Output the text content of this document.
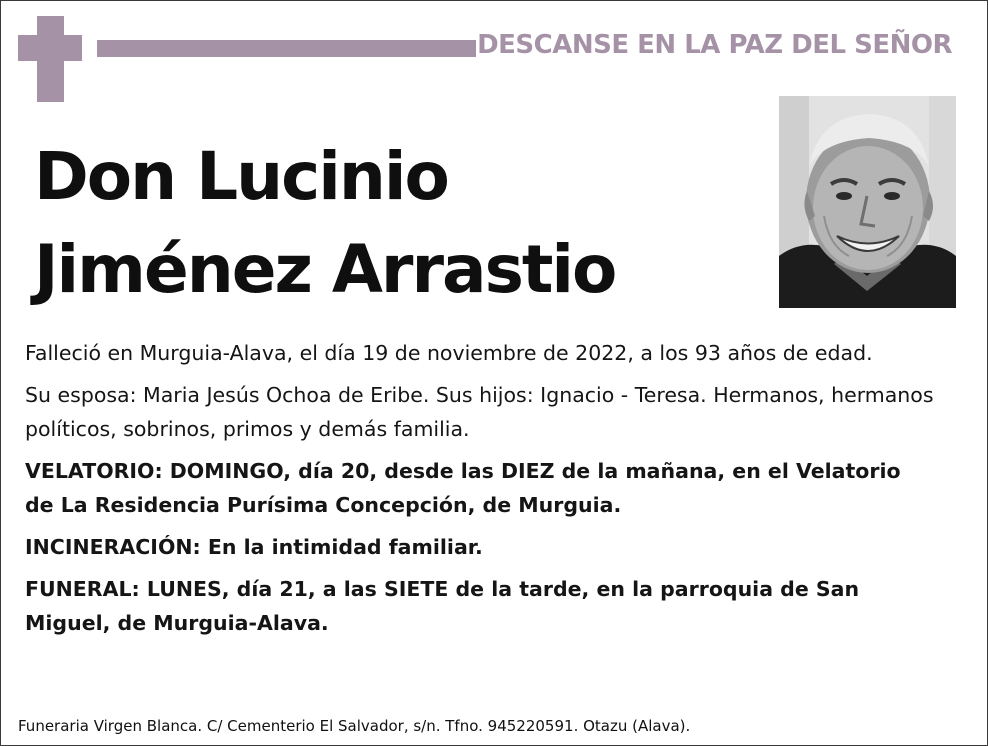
DESCANSE EN LA PAZ DEL SEÑOR
Don Lucinio
Jiménez Arrastio

Falleció en Murguia-Alava, el día 19 de noviembre de 2022, a los 93 años de edad.

Su esposa: Maria Jesús Ochoa de Eribe. Sus hijos: Ignacio - Teresa. Hermanos, hermanos políticos, sobrinos, primos y demás familia.

VELATORIO: DOMINGO, día 20, desde las DIEZ de la mañana, en el Velatorio de La Residencia Purísima Concepción, de Murguia.

INCINERACIÓN: En la intimidad familiar.

FUNERAL: LUNES, día 21, a las SIETE de la tarde, en la parroquia de San Miguel, de Murguia-Alava.

Funeraria Virgen Blanca. C/ Cementerio El Salvador, s/n. Tfno. 945220591. Otazu (Alava).
